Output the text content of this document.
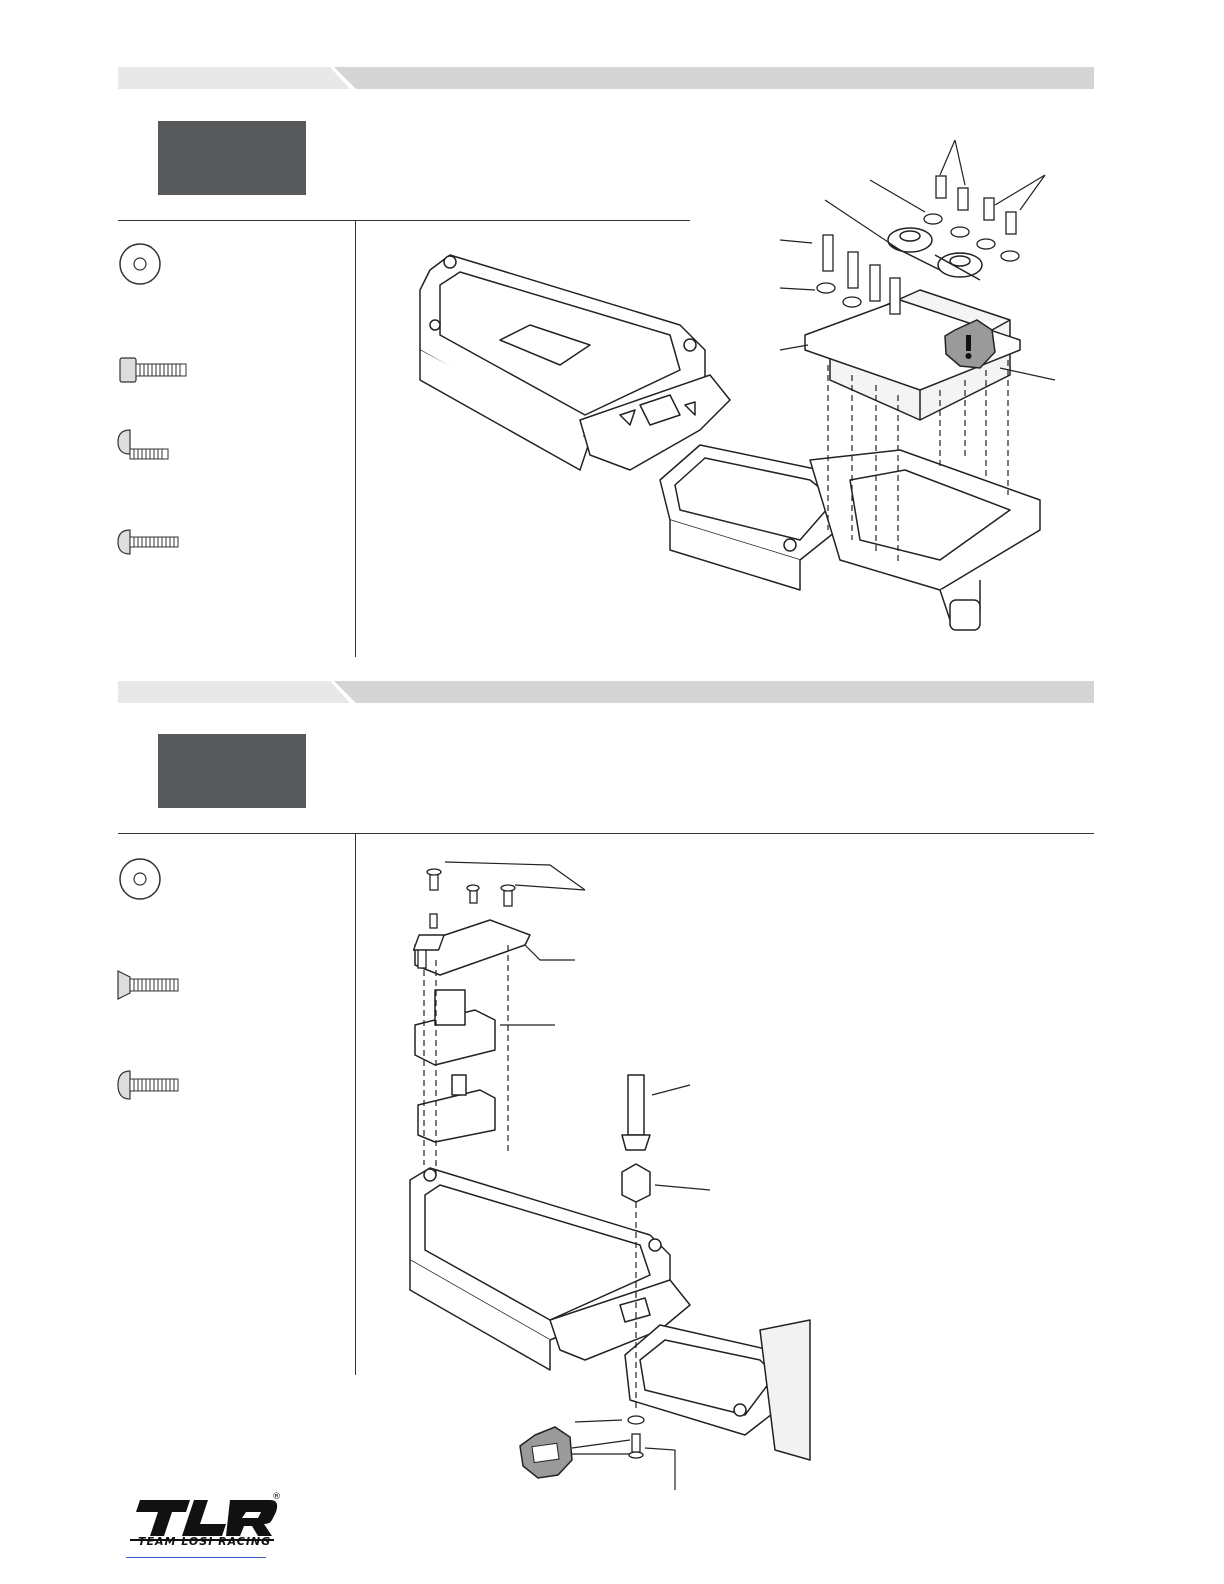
®
TEAM LOSI RACING
